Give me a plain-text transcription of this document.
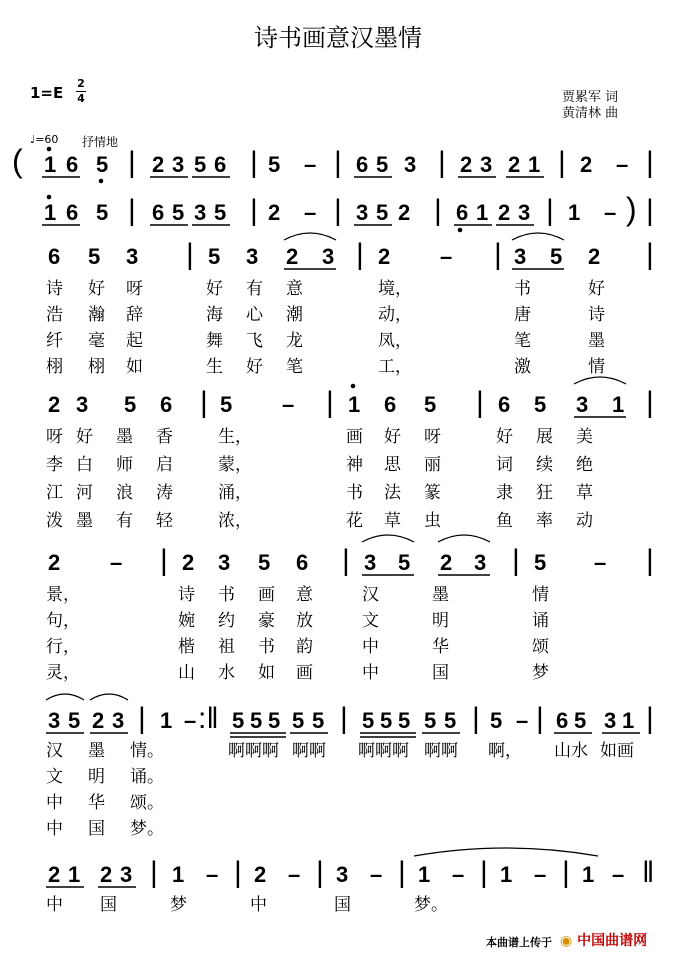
诗书画意汉墨情
1=E
2
4	贾累军 词
黄清林 曲
♩=60 抒情地
( 1 6 5 | 2 3 5 6 | 5 – | 6 5 3 | 2 3 2 1 | 2 – |
1 6 5 | 6 5 3 5 | 2 – | 3 5 2 | 6 1 2 3 | 1 – ) |
6 5 3 | 5 3 2 3 | 2 – | 3 5 2 |
诗 好 呀	好 有 意	境，	书	好
浩 瀚 辞	海 心 潮	动，	唐	诗
纤 毫 起	舞 飞 龙	凤，	笔	墨
栩 栩 如	生 好 笔	工，	激	情
2 3 5 6 | 5 – | 1 6 5 | 6 5 3 1 |
呀 好 墨 香	生，	画 好 呀	好 展 美
李 白 师 启	蒙，	神 思 丽	词 续 绝
江 河 浪 涛	涌，	书 法 篆	隶 狂 草
泼 墨 有 轻	浓，	花 草 虫	鱼 率 动
2 – | 2 3 5 6 | 3 5 2 3 | 5 – |
景，	诗 书 画 意	汉	墨	情
句，	婉 约 豪 放	文	明	诵
行，	楷 祖 书 韵	中	华	颂
灵，	山 水 如 画	中	国	梦
3 5 2 3 | 1 – :‖ 5 5 5 5 5 | 5 5 5 5 5 | 5 – | 6 5 3 1 |
汉 墨 情。	啊啊啊 啊啊 啊啊啊 啊啊 啊， 山水 如画
文 明 诵。
中 华 颂。
中 国 梦。
2 1 2 3 | 1 – | 2 – | 3 – | 1 – | 1 – | 1 – ‖
中 国	梦	中	国	梦。
本曲谱上传于 ◉ 中国曲谱网
